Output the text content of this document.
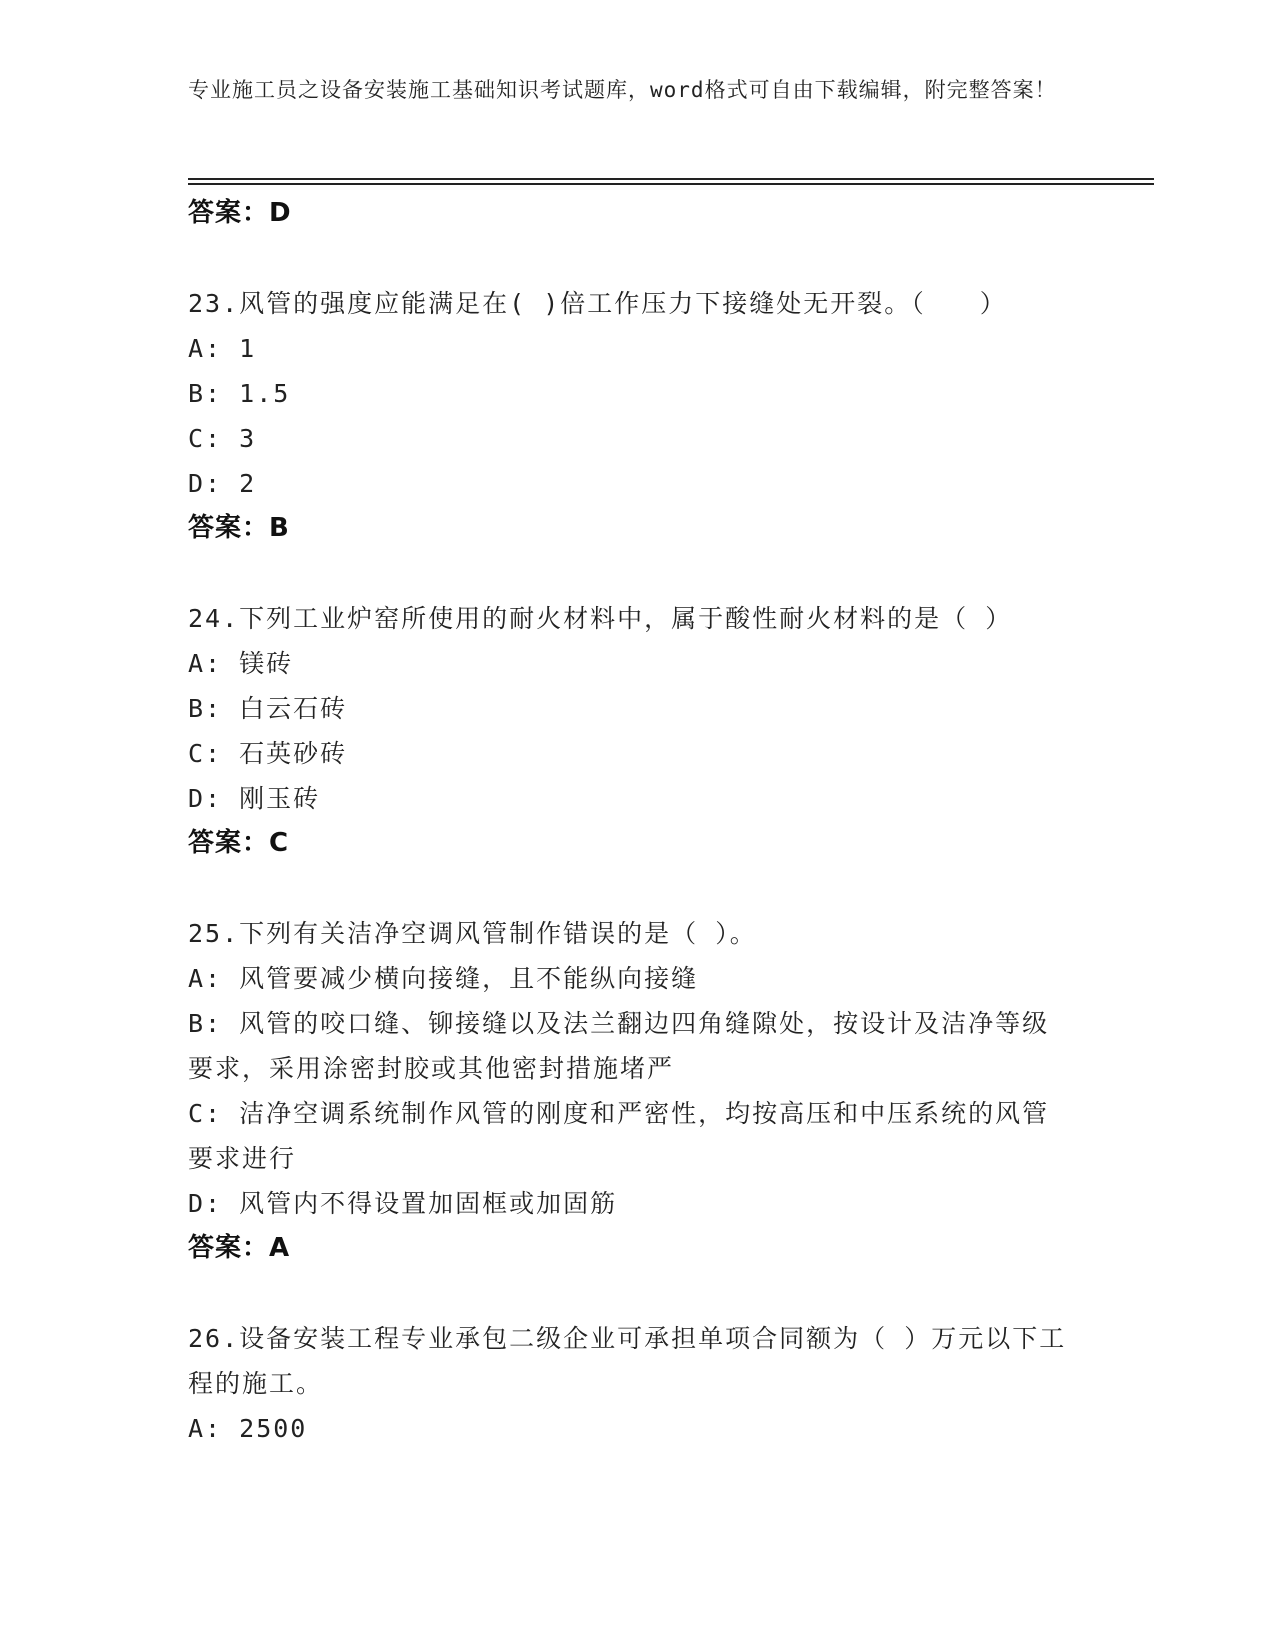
专业施工员之设备安装施工基础知识考试题库，word格式可自由下载编辑，附完整答案！
答案：D
23.风管的强度应能满足在( )倍工作压力下接缝处无开裂。（　　）
A: 1
B: 1.5
C: 3
D: 2
答案：B
24.下列工业炉窑所使用的耐火材料中，属于酸性耐火材料的是（ ）
A: 镁砖
B: 白云石砖
C: 石英砂砖
D: 刚玉砖
答案：C
25.下列有关洁净空调风管制作错误的是（ ）。
A: 风管要减少横向接缝，且不能纵向接缝
B: 风管的咬口缝、铆接缝以及法兰翻边四角缝隙处，按设计及洁净等级要求，采用涂密封胶或其他密封措施堵严
C: 洁净空调系统制作风管的刚度和严密性，均按高压和中压系统的风管要求进行
D: 风管内不得设置加固框或加固筋
答案：A
26.设备安装工程专业承包二级企业可承担单项合同额为（ ）万元以下工程的施工。
A: 2500
